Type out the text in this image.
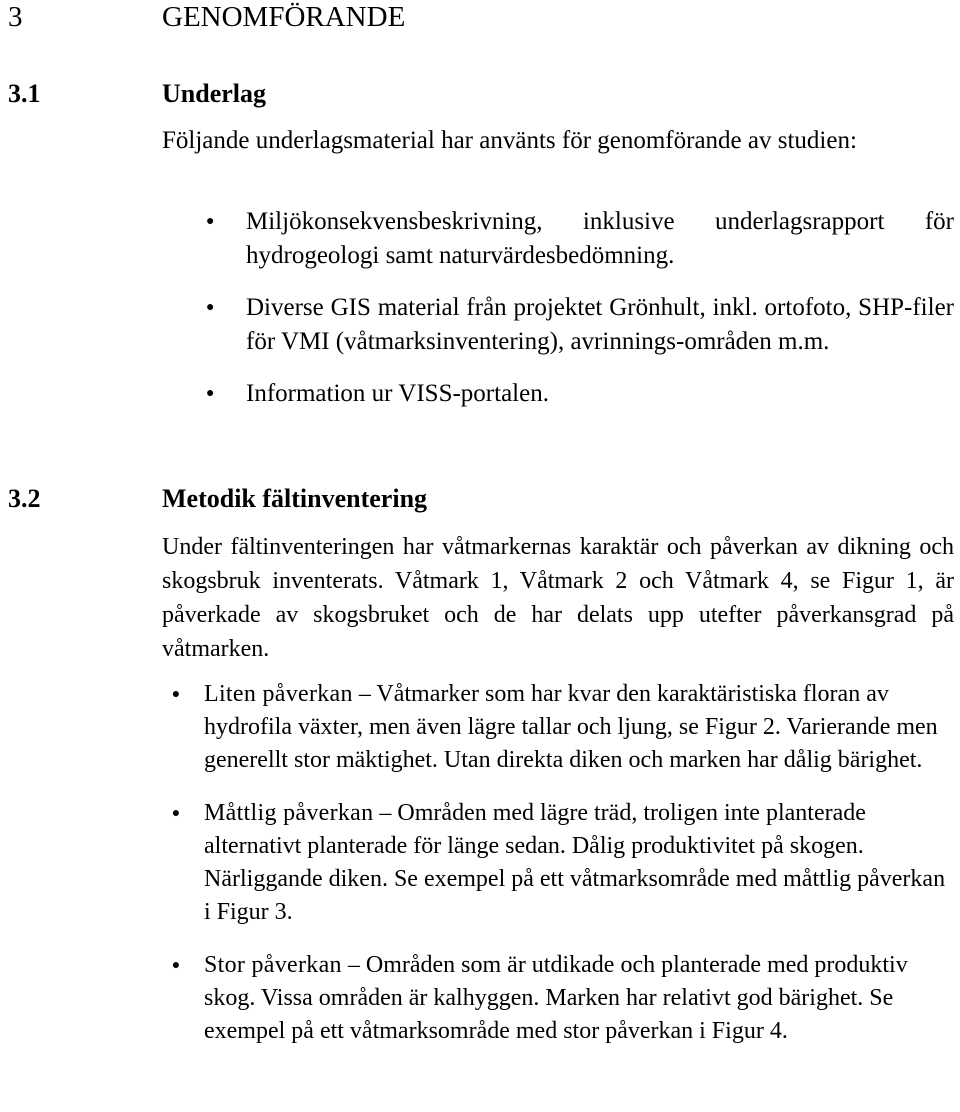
3	GENOMFÖRANDE
3.1	Underlag
Följande underlagsmaterial har använts för genomförande av studien:
●	Miljökonsekvensbeskrivning, inklusive underlagsrapport för hydrogeologi samt naturvärdesbedömning.
●	Diverse GIS material från projektet Grönhult, inkl. ortofoto, SHP-filer för VMI (våtmarksinventering), avrinnings-områden m.m.
●	Information ur VISS-portalen.
3.2	Metodik fältinventering
Under fältinventeringen har våtmarkernas karaktär och påverkan av dikning och skogsbruk inventerats. Våtmark 1, Våtmark 2 och Våtmark 4, se Figur 1, är påverkade av skogsbruket och de har delats upp utefter påverkansgrad på våtmarken.
● Liten påverkan – Våtmarker som har kvar den karaktäristiska floran av hydrofila växter, men även lägre tallar och ljung, se Figur 2. Varierande men generellt stor mäktighet. Utan direkta diken och marken har dålig bärighet.
● Måttlig påverkan – Områden med lägre träd, troligen inte planterade alternativt planterade för länge sedan. Dålig produktivitet på skogen. Närliggande diken. Se exempel på ett våtmarksområde med måttlig påverkan i Figur 3.
● Stor påverkan – Områden som är utdikade och planterade med produktiv skog. Vissa områden är kalhyggen. Marken har relativt god bärighet. Se exempel på ett våtmarksområde med stor påverkan i Figur 4.
